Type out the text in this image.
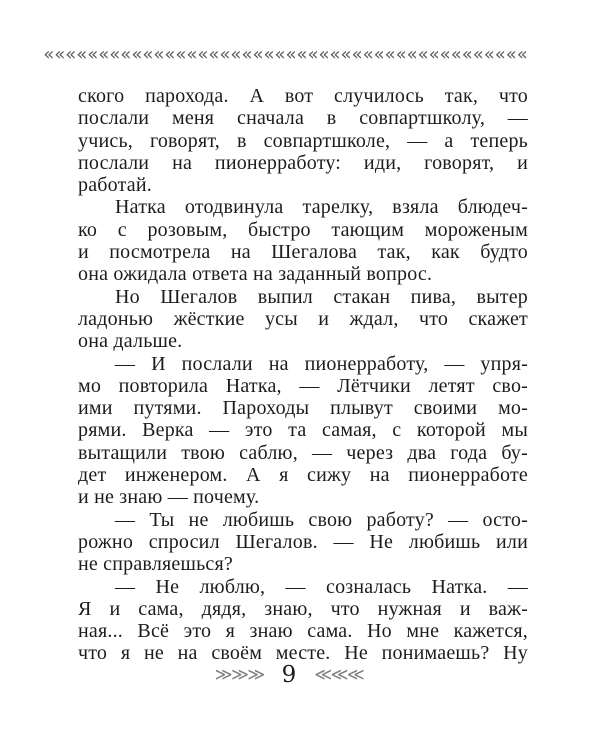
««««««««««««««««««««««««««««««««««««««««««««
ского парохода. А вот случилось так, что
послали меня сначала в совпартшколу, —
учись, говорят, в совпартшколе, — а теперь
послали на пионерработу: иди, говорят, и
работай.
Натка отодвинула тарелку, взяла блюдеч-
ко с розовым, быстро тающим мороженым
и посмотрела на Шегалова так, как будто
она ожидала ответа на заданный вопрос.
Но Шегалов выпил стакан пива, вытер
ладонью жёсткие усы и ждал, что скажет
она дальше.
— И послали на пионерработу, — упря-
мо повторила Натка, — Лётчики летят сво-
ими путями. Пароходы плывут своими мо-
рями. Верка — это та самая, с которой мы
вытащили твою саблю, — через два года бу-
дет инженером. А я сижу на пионерработе
и не знаю — почему.
— Ты не любишь свою работу? — осто-
рожно спросил Шегалов. — Не любишь или
не справляешься?
— Не люблю, — созналась Натка. —
Я и сама, дядя, знаю, что нужная и важ-
ная... Всё это я знаю сама. Но мне кажется,
что я не на своём месте. Не понимаешь? Ну
≫≫≫ 9 ≪≪≪
